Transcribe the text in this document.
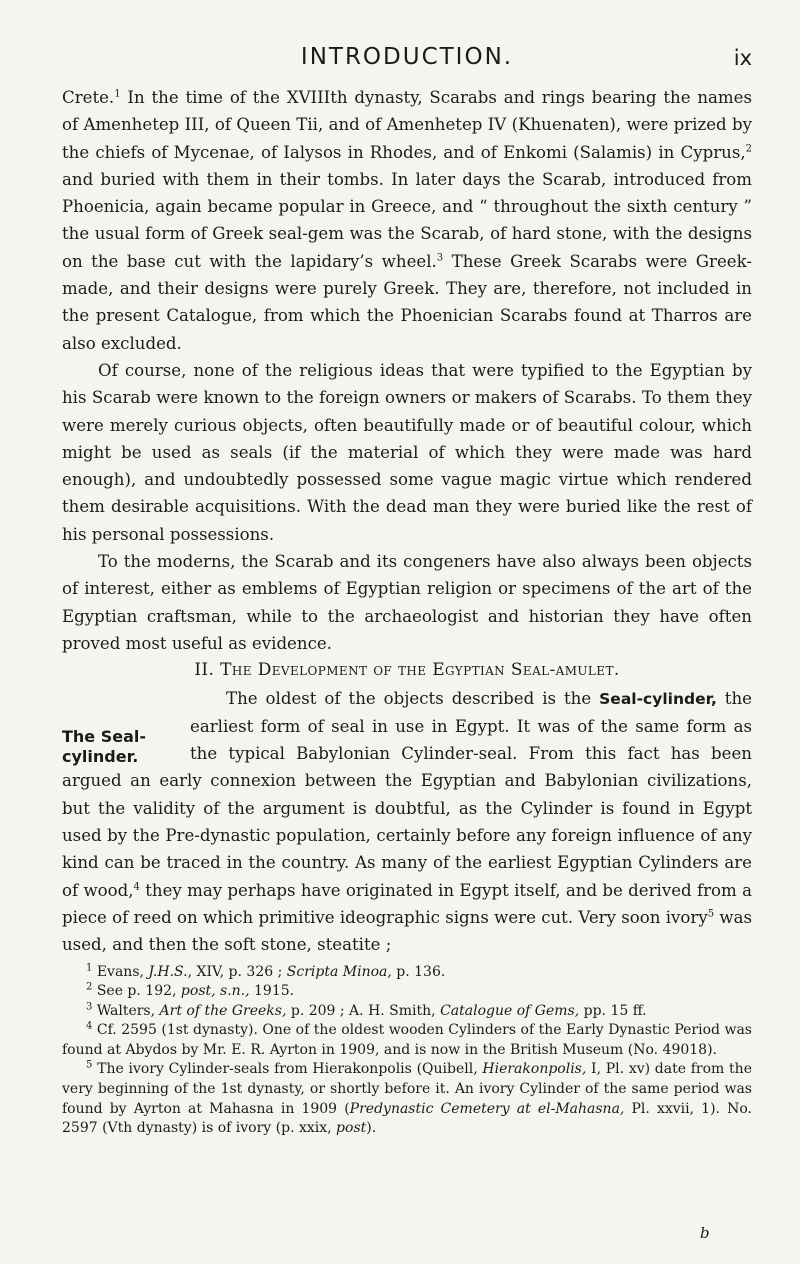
INTRODUCTION.	ix

Crete.$^1$ In the time of the XVIIIth dynasty, Scarabs and rings bearing the names of Amenhetep III, of Queen Tii, and of Amenhetep IV (Khuenaten), were prized by the chiefs of Mycenae, of Ialysos in Rhodes, and of Enkomi (Salamis) in Cyprus,$^2$ and buried with them in their tombs. In later days the Scarab, introduced from Phoenicia, again became popular in Greece, and “ throughout the sixth century ” the usual form of Greek seal-gem was the Scarab, of hard stone, with the designs on the base cut with the lapidary’s wheel.$^3$ These Greek Scarabs were Greek-made, and their designs were purely Greek. They are, therefore, not included in the present Catalogue, from which the Phoenician Scarabs found at Tharros are also excluded.

Of course, none of the religious ideas that were typified to the Egyptian by his Scarab were known to the foreign owners or makers of Scarabs. To them they were merely curious objects, often beautifully made or of beautiful colour, which might be used as seals (if the material of which they were made was hard enough), and undoubtedly possessed some vague magic virtue which rendered them desirable acquisitions. With the dead man they were buried like the rest of his personal possessions.

To the moderns, the Scarab and its congeners have also always been objects of interest, either as emblems of Egyptian religion or specimens of the art of the Egyptian craftsman, while to the archaeologist and historian they have often proved most useful as evidence.

II. The Development of the Egyptian Seal-amulet.

The Seal-cylinder.

The oldest of the objects described is the Seal-cylinder, the earliest form of seal in use in Egypt. It was of the same form as the typical Babylonian Cylinder-seal. From this fact has been argued an early connexion between the Egyptian and Babylonian civilizations, but the validity of the argument is doubtful, as the Cylinder is found in Egypt used by the Pre-dynastic population, certainly before any foreign influence of any kind can be traced in the country. As many of the earliest Egyptian Cylinders are of wood,$^4$ they may perhaps have originated in Egypt itself, and be derived from a piece of reed on which primitive ideographic signs were cut. Very soon ivory$^5$ was used, and then the soft stone, steatite ;

$^1$ Evans, J.H.S., XIV, p. 326 ; Scripta Minoa, p. 136.

$^2$ See p. 192, post, s.n., 1915.

$^3$ Walters, Art of the Greeks, p. 209 ; A. H. Smith, Catalogue of Gems, pp. 15 ff.

$^4$ Cf. 2595 (1st dynasty). One of the oldest wooden Cylinders of the Early Dynastic Period was found at Abydos by Mr. E. R. Ayrton in 1909, and is now in the British Museum (No. 49018).

$^5$ The ivory Cylinder-seals from Hierakonpolis (Quibell, Hierakonpolis, I, Pl. xv) date from the very beginning of the 1st dynasty, or shortly before it. An ivory Cylinder of the same period was found by Ayrton at Mahasna in 1909 (Predynastic Cemetery at el-Mahasna, Pl. xxvii, 1). No. 2597 (Vth dynasty) is of ivory (p. xxix, post).

b
